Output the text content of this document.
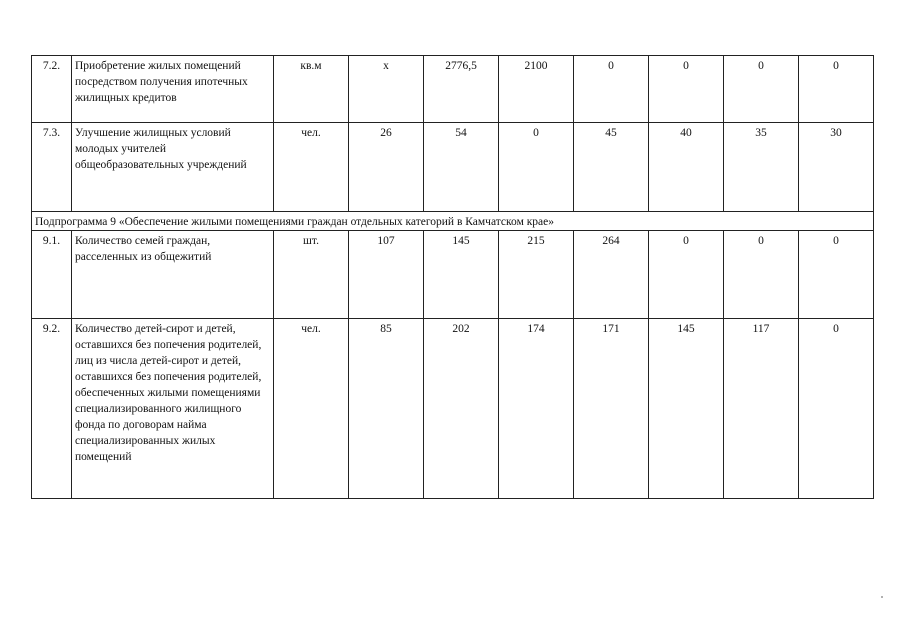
7.2.	Приобретение жилых помещений посредством получения ипотечных жилищных кредитов	кв.м	х	2776,5	2100	0	0	0	0
7.3.	Улучшение жилищных условий молодых учителей общеобразовательных учреждений	чел.	26	54	0	45	40	35	30
Подпрограмма 9 «Обеспечение жилыми помещениями граждан отдельных категорий в Камчатском крае»									
9.1.	Количество семей граждан, расселенных из общежитий	шт.	107	145	215	264	0	0	0
9.2.	Количество детей-сирот и детей, оставшихся без попечения родителей, лиц из числа детей-сирот и детей, оставшихся без попечения родителей, обеспеченных жилыми помещениями специализированного жилищного фонда по договорам найма специализированных жилых помещений	чел.	85	202	174	171	145	117	0
